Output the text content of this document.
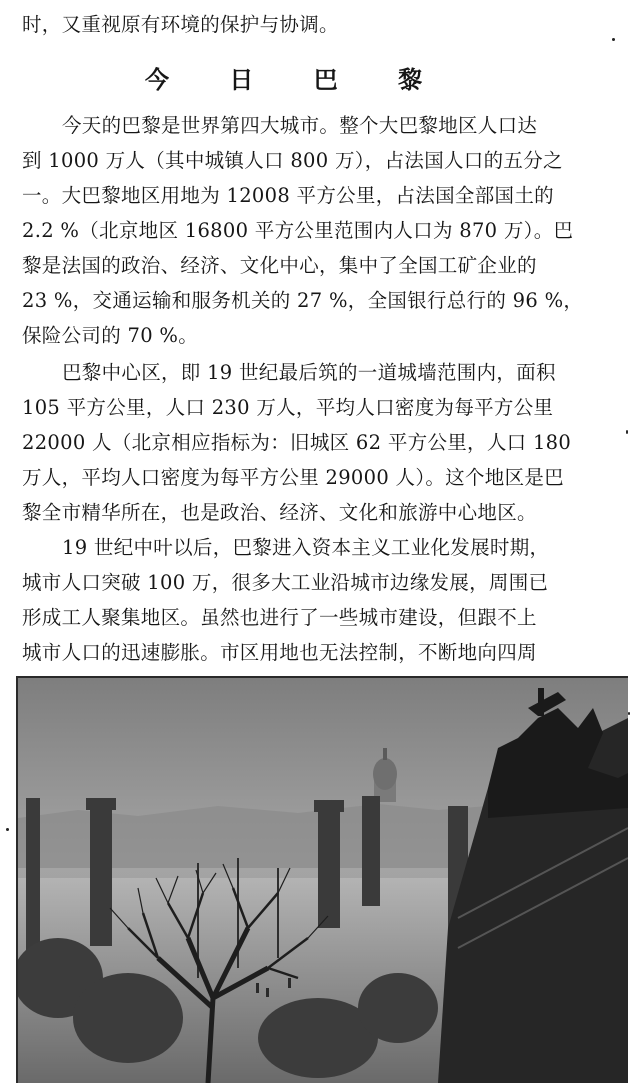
时，又重视原有环境的保护与协调。
今 日 巴 黎
今天的巴黎是世界第四大城市。整个大巴黎地区人口达
到 1000 万人（其中城镇人口 800 万），占法国人口的五分之
一。大巴黎地区用地为 12008 平方公里，占法国全部国土的
2.2 %（北京地区 16800 平方公里范围内人口为 870 万）。巴
黎是法国的政治、经济、文化中心，集中了全国工矿企业的
23 %，交通运输和服务机关的 27 %，全国银行总行的 96 %，
保险公司的 70 %。
巴黎中心区，即 19 世纪最后筑的一道城墙范围内，面积
105 平方公里，人口 230 万人，平均人口密度为每平方公里
22000 人（北京相应指标为：旧城区 62 平方公里，人口 180
万人，平均人口密度为每平方公里 29000 人）。这个地区是巴
黎全市精华所在，也是政治、经济、文化和旅游中心地区。
19 世纪中叶以后，巴黎进入资本主义工业化发展时期，
城市人口突破 100 万，很多大工业沿城市边缘发展，周围已
形成工人聚集地区。虽然也进行了一些城市建设，但跟不上
城市人口的迅速膨胀。市区用地也无法控制，不断地向四周
